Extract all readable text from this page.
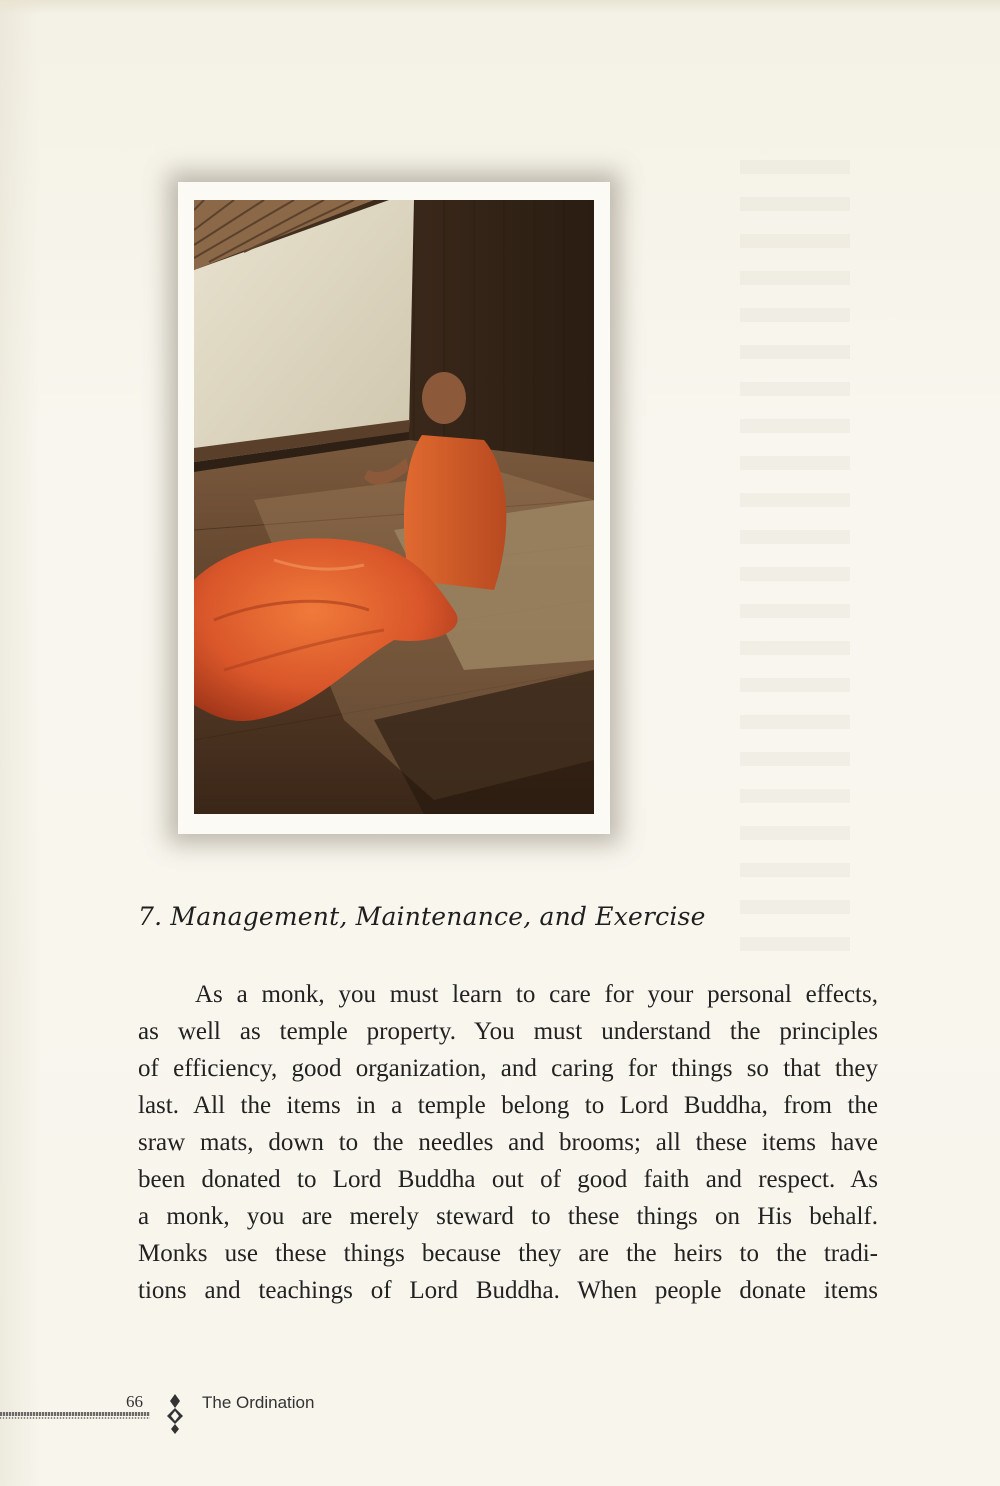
7. Management, Maintenance, and Exercise
As a monk, you must learn to care for your personal effects,
as well as temple property. You must understand the principles
of efficiency, good organization, and caring for things so that they
last. All the items in a temple belong to Lord Buddha, from the
sraw mats, down to the needles and brooms; all these items have
been donated to Lord Buddha out of good faith and respect. As
a monk, you are merely steward to these things on His behalf.
Monks use these things because they are the heirs to the tradi-
tions and teachings of Lord Buddha. When people donate items
66	The Ordination
